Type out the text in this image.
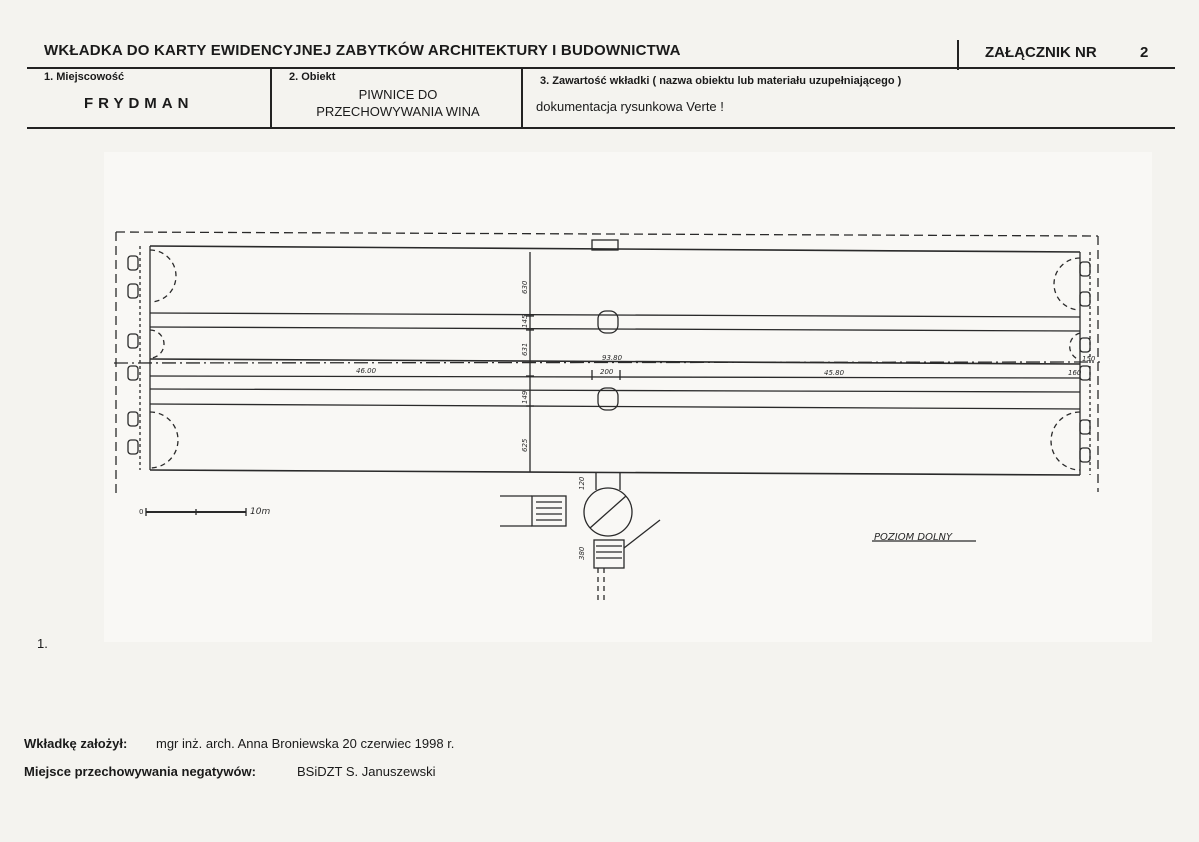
WKŁADKA DO KARTY EWIDENCYJNEJ ZABYTKÓW ARCHITEKTURY I BUDOWNICTWA	ZAŁĄCZNIK NR	2
1. Miejscowość
FRYDMAN
2. Obiekt
PIWNICE DO
PRZECHOWYWANIA WINA
3. Zawartość wkładki ( nazwa obiektu lub materiału uzupełniającego )
dokumentacja rysunkowa Verte !
630
145
631
149
625
93.80
46.00	200	45.80
150
160
120
380
0	10m
POZIOM DOLNY
1.
Wkładkę założył: mgr inż. arch. Anna Broniewska 20 czerwiec 1998 r.
Miejsce przechowywania negatywów:	BSiDZT S. Januszewski
